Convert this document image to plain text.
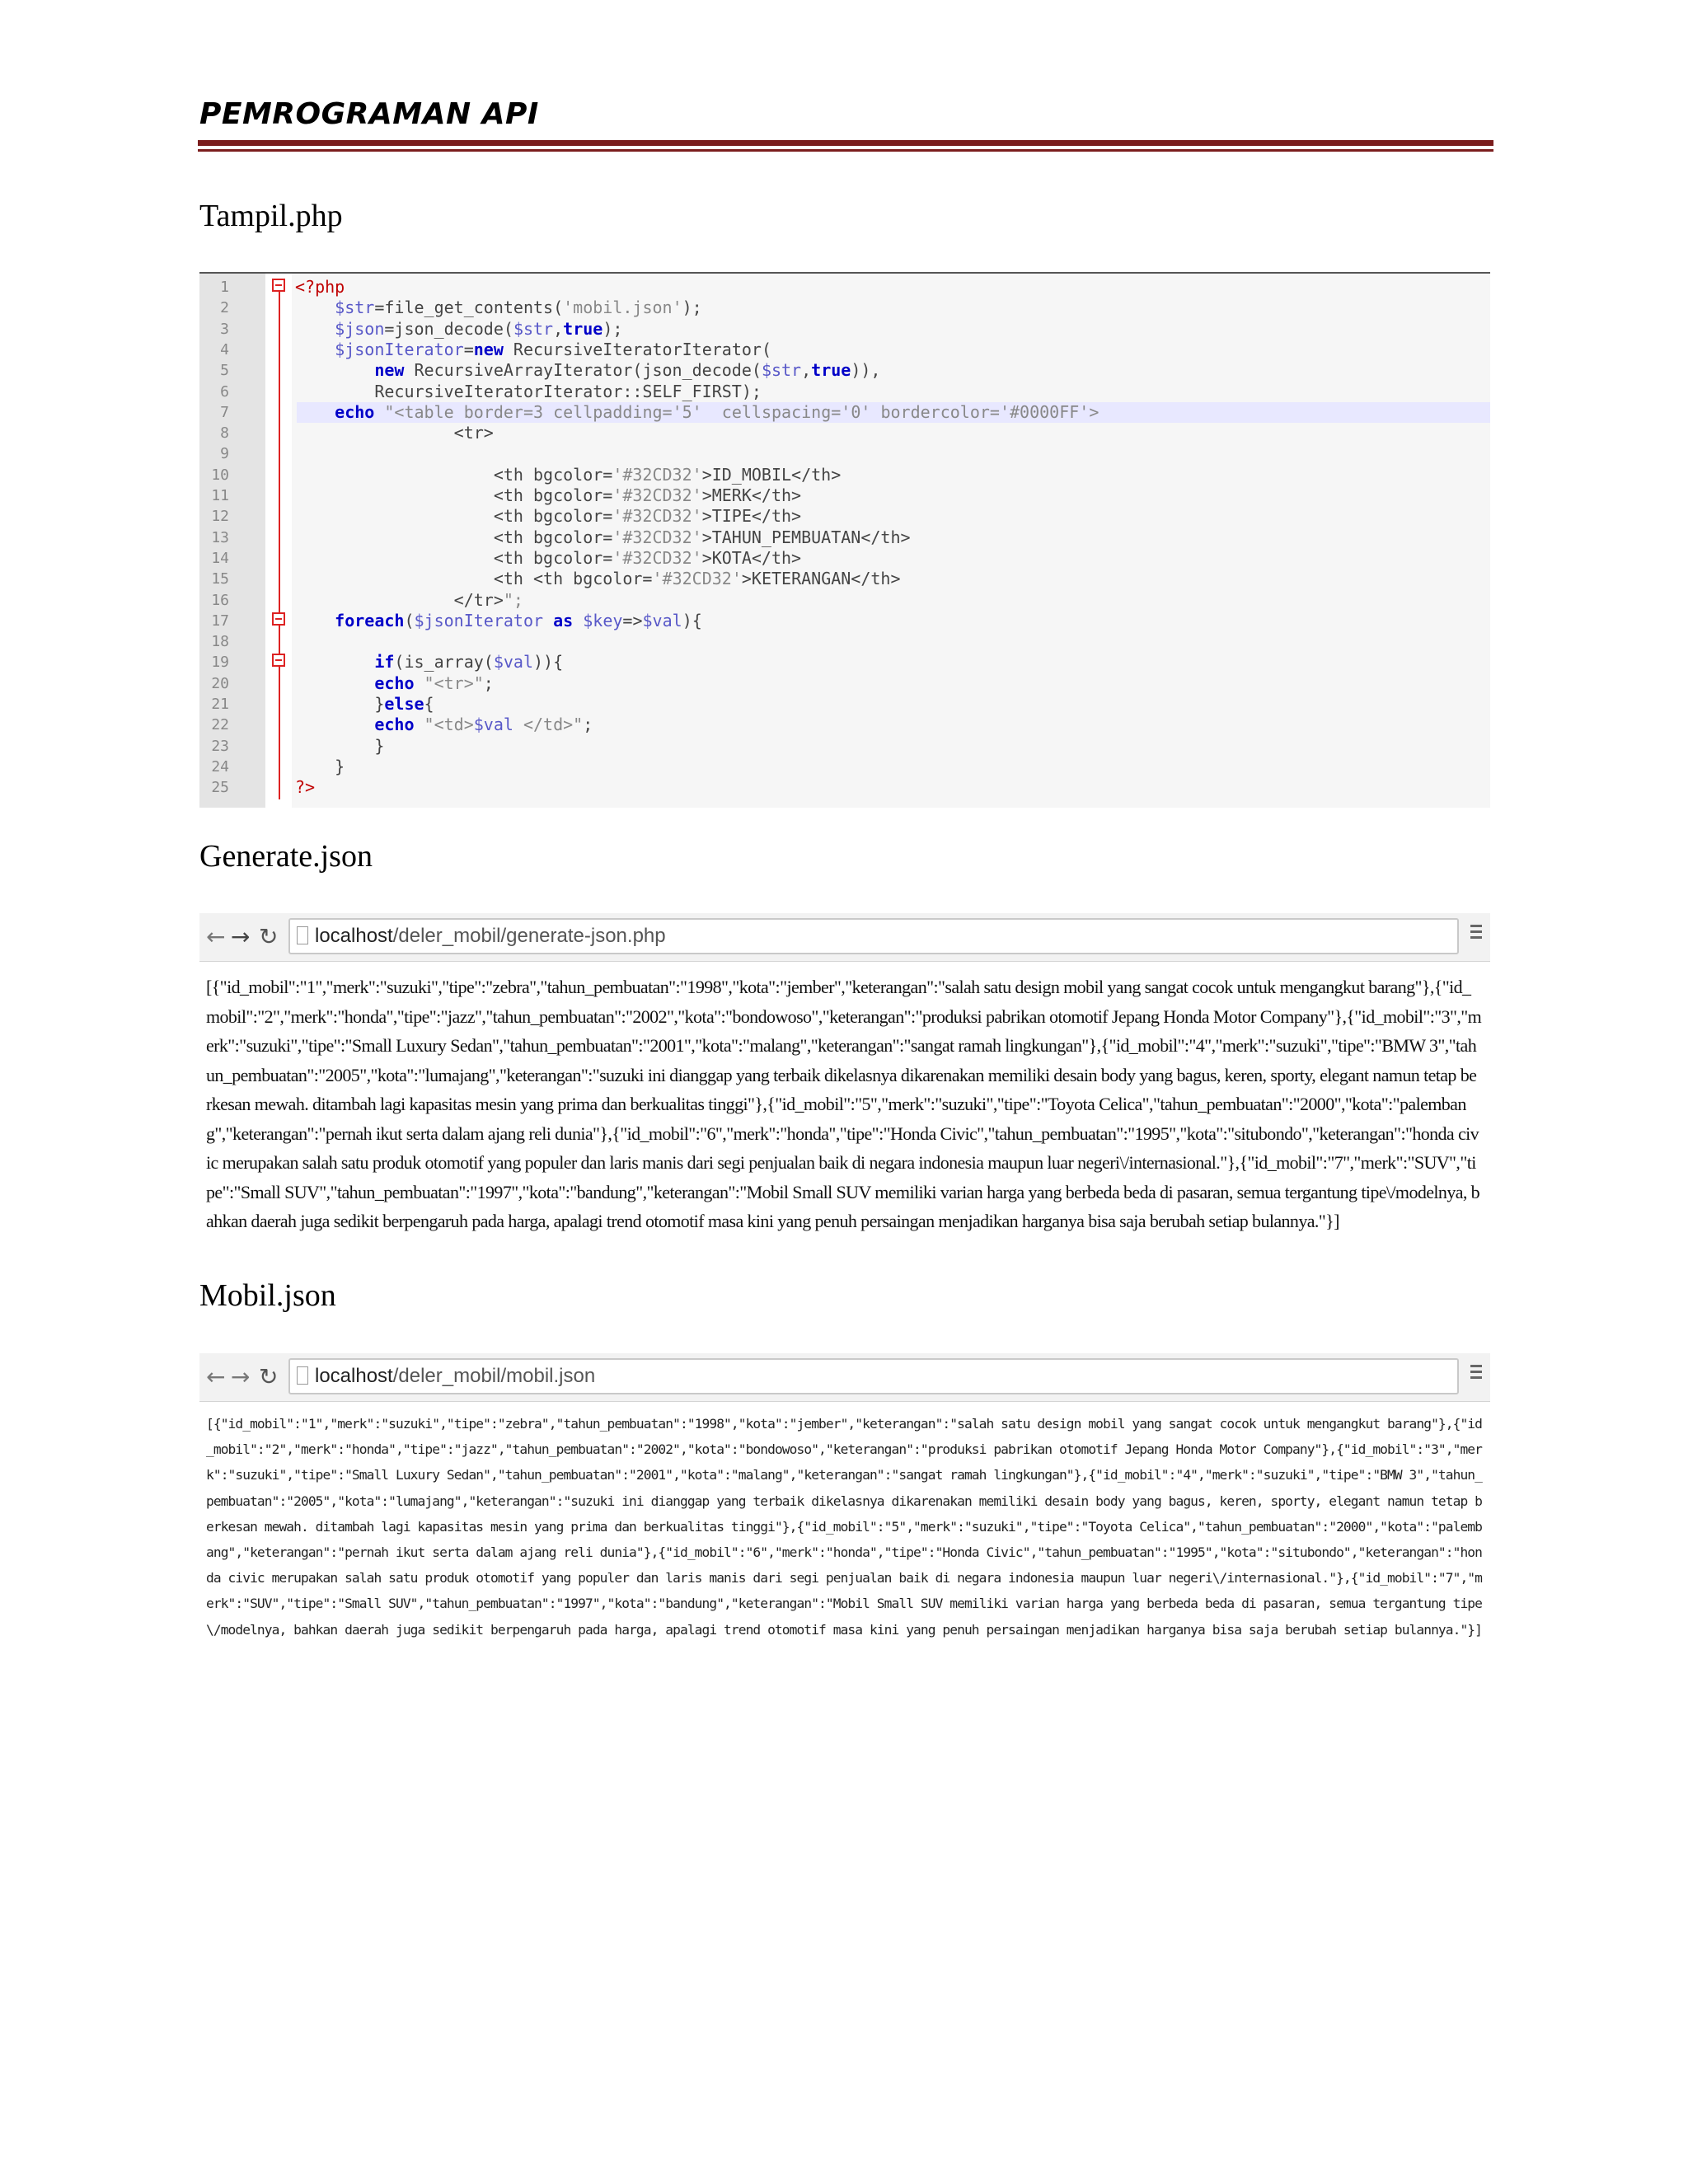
PEMROGRAMAN API
Tampil.php
1	<?php
2	$str=file_get_contents('mobil.json');
3	$json=json_decode($str,true);
4	$jsonIterator=new RecursiveIteratorIterator(
5	new RecursiveArrayIterator(json_decode($str,true)),
6	RecursiveIteratorIterator::SELF_FIRST);
7	echo "<table border=3 cellpadding='5'  cellspacing='0' bordercolor='#0000FF'>
8	<tr>
9
10	<th bgcolor='#32CD32'>ID_MOBIL</th>
11	<th bgcolor='#32CD32'>MERK</th>
12	<th bgcolor='#32CD32'>TIPE</th>
13	<th bgcolor='#32CD32'>TAHUN_PEMBUATAN</th>
14	<th bgcolor='#32CD32'>KOTA</th>
15	<th <th bgcolor='#32CD32'>KETERANGAN</th>
16	</tr>";
17	foreach($jsonIterator as $key=>$val){
18
19	if(is_array($val)){
20	echo "<tr>";
21	}else{
22	echo "<td>$val </td>";
23	}
24	}
25	?>
Generate.json
← → ↻ localhost/deler_mobil/generate-json.php
[{"id_mobil":"1","merk":"suzuki","tipe":"zebra","tahun_pembuatan":"1998","kota":"jember","keterangan":"salah satu design mobil yang sangat cocok untuk mengangkut barang"},{"id_mobil":"2","merk":"honda","tipe":"jazz","tahun_pembuatan":"2002","kota":"bondowoso","keterangan":"produksi pabrikan otomotif Jepang Honda Motor Company"},{"id_mobil":"3","merk":"suzuki","tipe":"Small Luxury Sedan","tahun_pembuatan":"2001","kota":"malang","keterangan":"sangat ramah lingkungan"},{"id_mobil":"4","merk":"suzuki","tipe":"BMW 3","tahun_pembuatan":"2005","kota":"lumajang","keterangan":"suzuki ini dianggap yang terbaik dikelasnya dikarenakan memiliki desain body yang bagus, keren, sporty, elegant namun tetap berkesan mewah. ditambah lagi kapasitas mesin yang prima dan berkualitas tinggi"},{"id_mobil":"5","merk":"suzuki","tipe":"Toyota Celica","tahun_pembuatan":"2000","kota":"palembang","keterangan":"pernah ikut serta dalam ajang reli dunia"},{"id_mobil":"6","merk":"honda","tipe":"Honda Civic","tahun_pembuatan":"1995","kota":"situbondo","keterangan":"honda civic merupakan salah satu produk otomotif yang populer dan laris manis dari segi penjualan baik di negara indonesia maupun luar negeri\/internasional."},{"id_mobil":"7","merk":"SUV","tipe":"Small SUV","tahun_pembuatan":"1997","kota":"bandung","keterangan":"Mobil Small SUV memiliki varian harga yang berbeda beda di pasaran, semua tergantung tipe\/modelnya, bahkan daerah juga sedikit berpengaruh pada harga, apalagi trend otomotif masa kini yang penuh persaingan menjadikan harganya bisa saja berubah setiap bulannya."}]
Mobil.json
← → ↻ localhost/deler_mobil/mobil.json
[{"id_mobil":"1","merk":"suzuki","tipe":"zebra","tahun_pembuatan":"1998","kota":"jember","keterangan":"salah satu design mobil yang sangat cocok untuk mengangkut barang"},{"id_mobil":"2","merk":"honda","tipe":"jazz","tahun_pembuatan":"2002","kota":"bondowoso","keterangan":"produksi pabrikan otomotif Jepang Honda Motor Company"},{"id_mobil":"3","merk":"suzuki","tipe":"Small Luxury Sedan","tahun_pembuatan":"2001","kota":"malang","keterangan":"sangat ramah lingkungan"},{"id_mobil":"4","merk":"suzuki","tipe":"BMW 3","tahun_pembuatan":"2005","kota":"lumajang","keterangan":"suzuki ini dianggap yang terbaik dikelasnya dikarenakan memiliki desain body yang bagus, keren, sporty, elegant namun tetap berkesan mewah. ditambah lagi kapasitas mesin yang prima dan berkualitas tinggi"},{"id_mobil":"5","merk":"suzuki","tipe":"Toyota Celica","tahun_pembuatan":"2000","kota":"palembang","keterangan":"pernah ikut serta dalam ajang reli dunia"},{"id_mobil":"6","merk":"honda","tipe":"Honda Civic","tahun_pembuatan":"1995","kota":"situbondo","keterangan":"honda civic merupakan salah satu produk otomotif yang populer dan laris manis dari segi penjualan baik di negara indonesia maupun luar negeri\/internasional."},{"id_mobil":"7","merk":"SUV","tipe":"Small SUV","tahun_pembuatan":"1997","kota":"bandung","keterangan":"Mobil Small SUV memiliki varian harga yang berbeda beda di pasaran, semua tergantung tipe\/modelnya, bahkan daerah juga sedikit berpengaruh pada harga, apalagi trend otomotif masa kini yang penuh persaingan menjadikan harganya bisa saja berubah setiap bulannya."}]
